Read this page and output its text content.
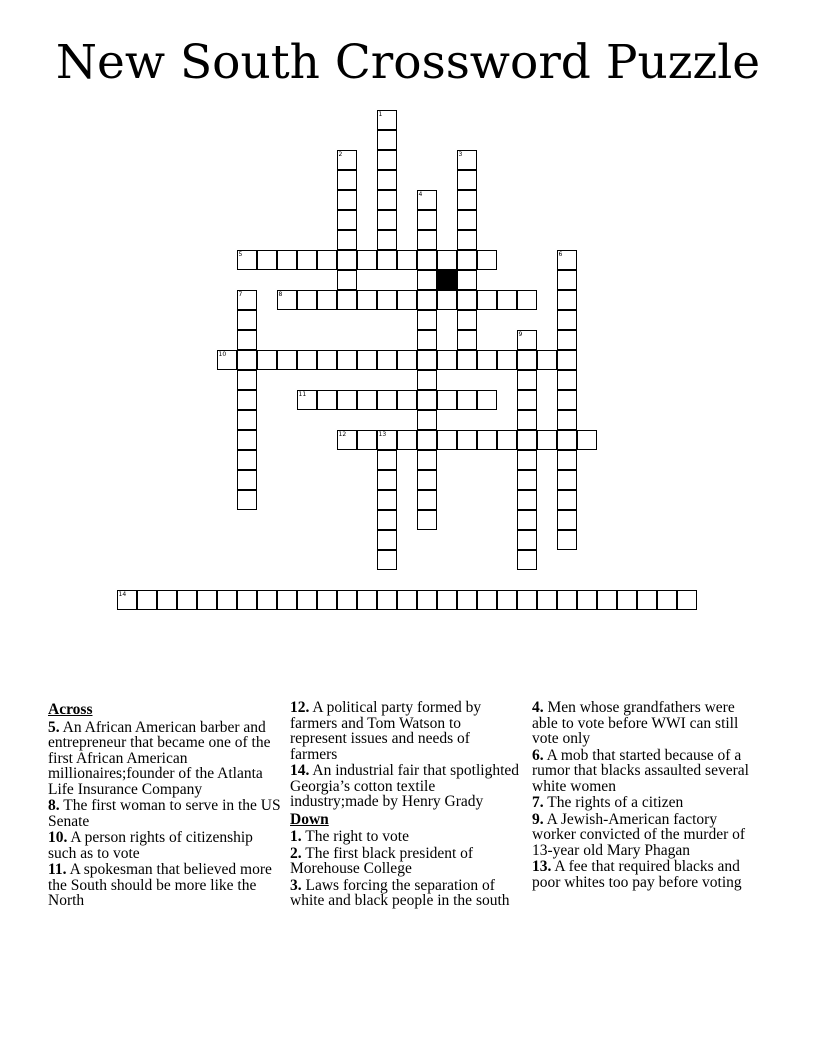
New South Crossword Puzzle
1
2	3
4
5	6
7	8
9
10
11
12	13
14
Across
5. An African American barber and entrepreneur that became one of the first African American millionaires;founder of the Atlanta Life Insurance Company
8. The first woman to serve in the US Senate
10. A person rights of citizenship such as to vote
11. A spokesman that believed more the South should be more like the North
12. A political party formed by farmers and Tom Watson to represent issues and needs of farmers
14. An industrial fair that spotlighted Georgia’s cotton textile industry;made by Henry Grady
Down
1. The right to vote
2. The first black president of Morehouse College
3. Laws forcing the separation of white and black people in the south
4. Men whose grandfathers were able to vote before WWI can still vote only
6. A mob that started because of a rumor that blacks assaulted several white women
7. The rights of a citizen
9. A Jewish-American factory worker convicted of the murder of 13-year old Mary Phagan
13. A fee that required blacks and poor whites too pay before voting
